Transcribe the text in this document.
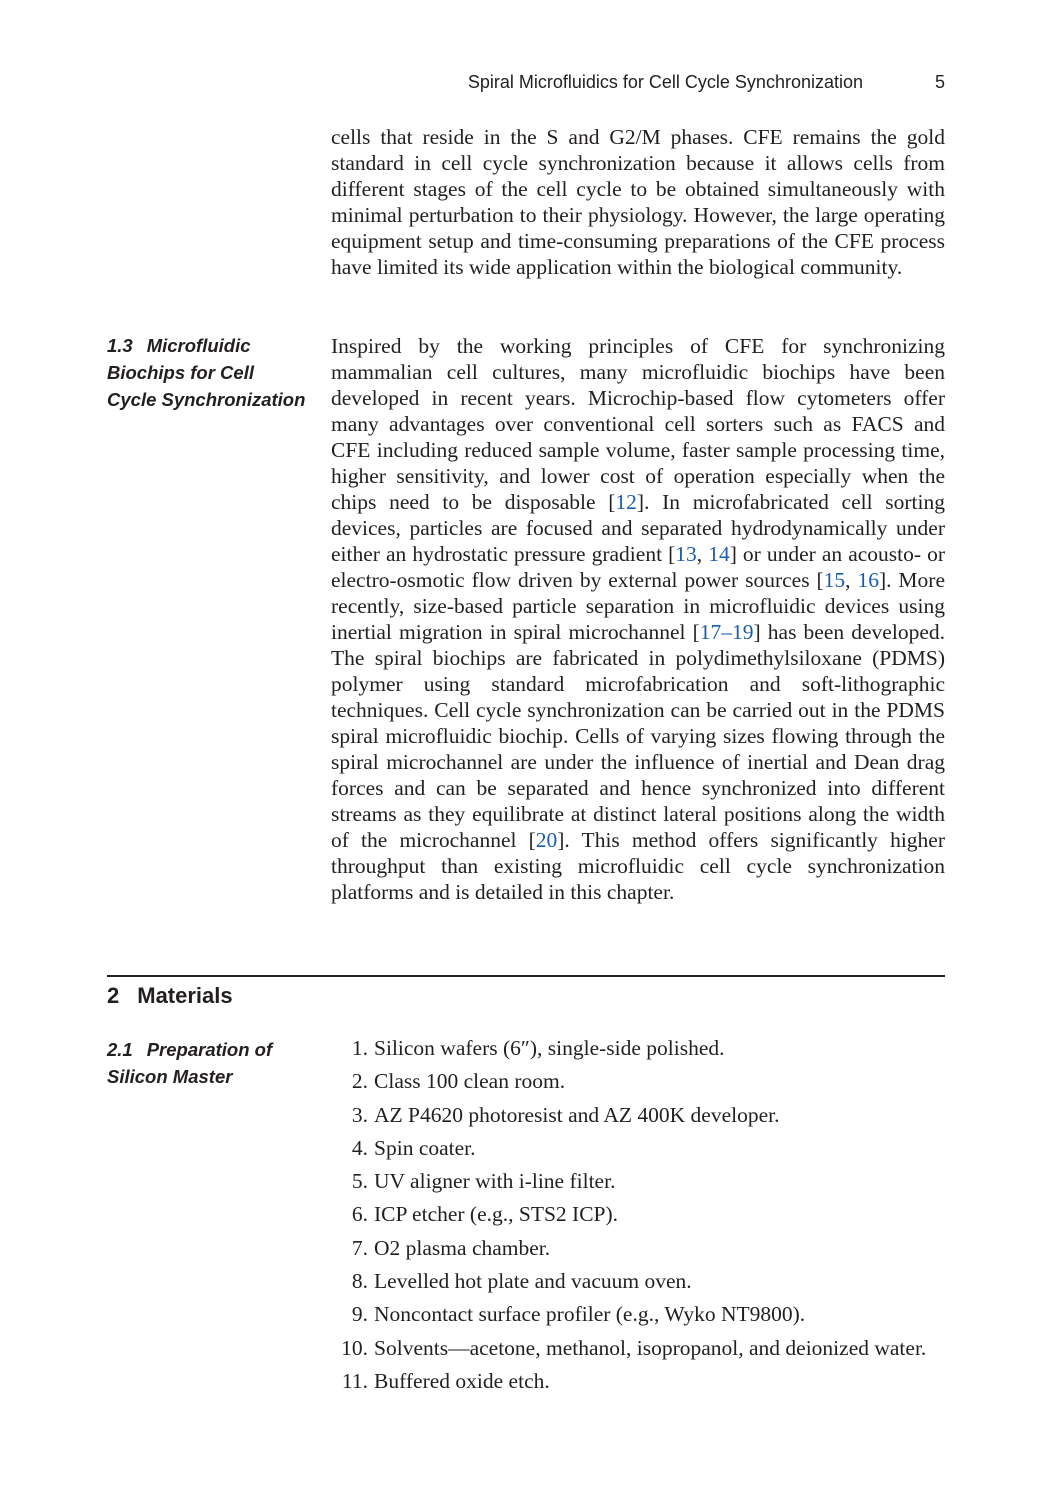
Spiral Microfluidics for Cell Cycle Synchronization	5

cells that reside in the S and G2/M phases. CFE remains the gold standard in cell cycle synchronization because it allows cells from different stages of the cell cycle to be obtained simultaneously with minimal perturbation to their physiology. However, the large operating equipment setup and time-consuming preparations of the CFE process have limited its wide application within the biological community.

1.3 Microfluidic Biochips for Cell Cycle Synchronization

Inspired by the working principles of CFE for synchronizing mammalian cell cultures, many microfluidic biochips have been developed in recent years. Microchip-based flow cytometers offer many advantages over conventional cell sorters such as FACS and CFE including reduced sample volume, faster sample processing time, higher sensitivity, and lower cost of operation especially when the chips need to be disposable [12]. In microfabricated cell sorting devices, particles are focused and separated hydrodynamically under either an hydrostatic pressure gradient [13, 14] or under an acousto- or electro-osmotic flow driven by external power sources [15, 16]. More recently, size-based particle separation in microfluidic devices using inertial migration in spiral microchannel [17–19] has been developed. The spiral biochips are fabricated in polydimethylsiloxane (PDMS) polymer using standard microfabrication and soft-lithographic techniques. Cell cycle synchronization can be carried out in the PDMS spiral microfluidic biochip. Cells of varying sizes flowing through the spiral microchannel are under the influence of inertial and Dean drag forces and can be separated and hence synchronized into different streams as they equilibrate at distinct lateral positions along the width of the microchannel [20]. This method offers significantly higher throughput than existing microfluidic cell cycle synchronization platforms and is detailed in this chapter.

2 Materials
2.1 Preparation of Silicon Master
1. Silicon wafers (6″), single-side polished.
2. Class 100 clean room.
3. AZ P4620 photoresist and AZ 400K developer.
4. Spin coater.
5. UV aligner with i-line filter.
6. ICP etcher (e.g., STS2 ICP).
7. O2 plasma chamber.
8. Levelled hot plate and vacuum oven.
9. Noncontact surface profiler (e.g., Wyko NT9800).
10. Solvents—acetone, methanol, isopropanol, and deionized water.
11. Buffered oxide etch.
